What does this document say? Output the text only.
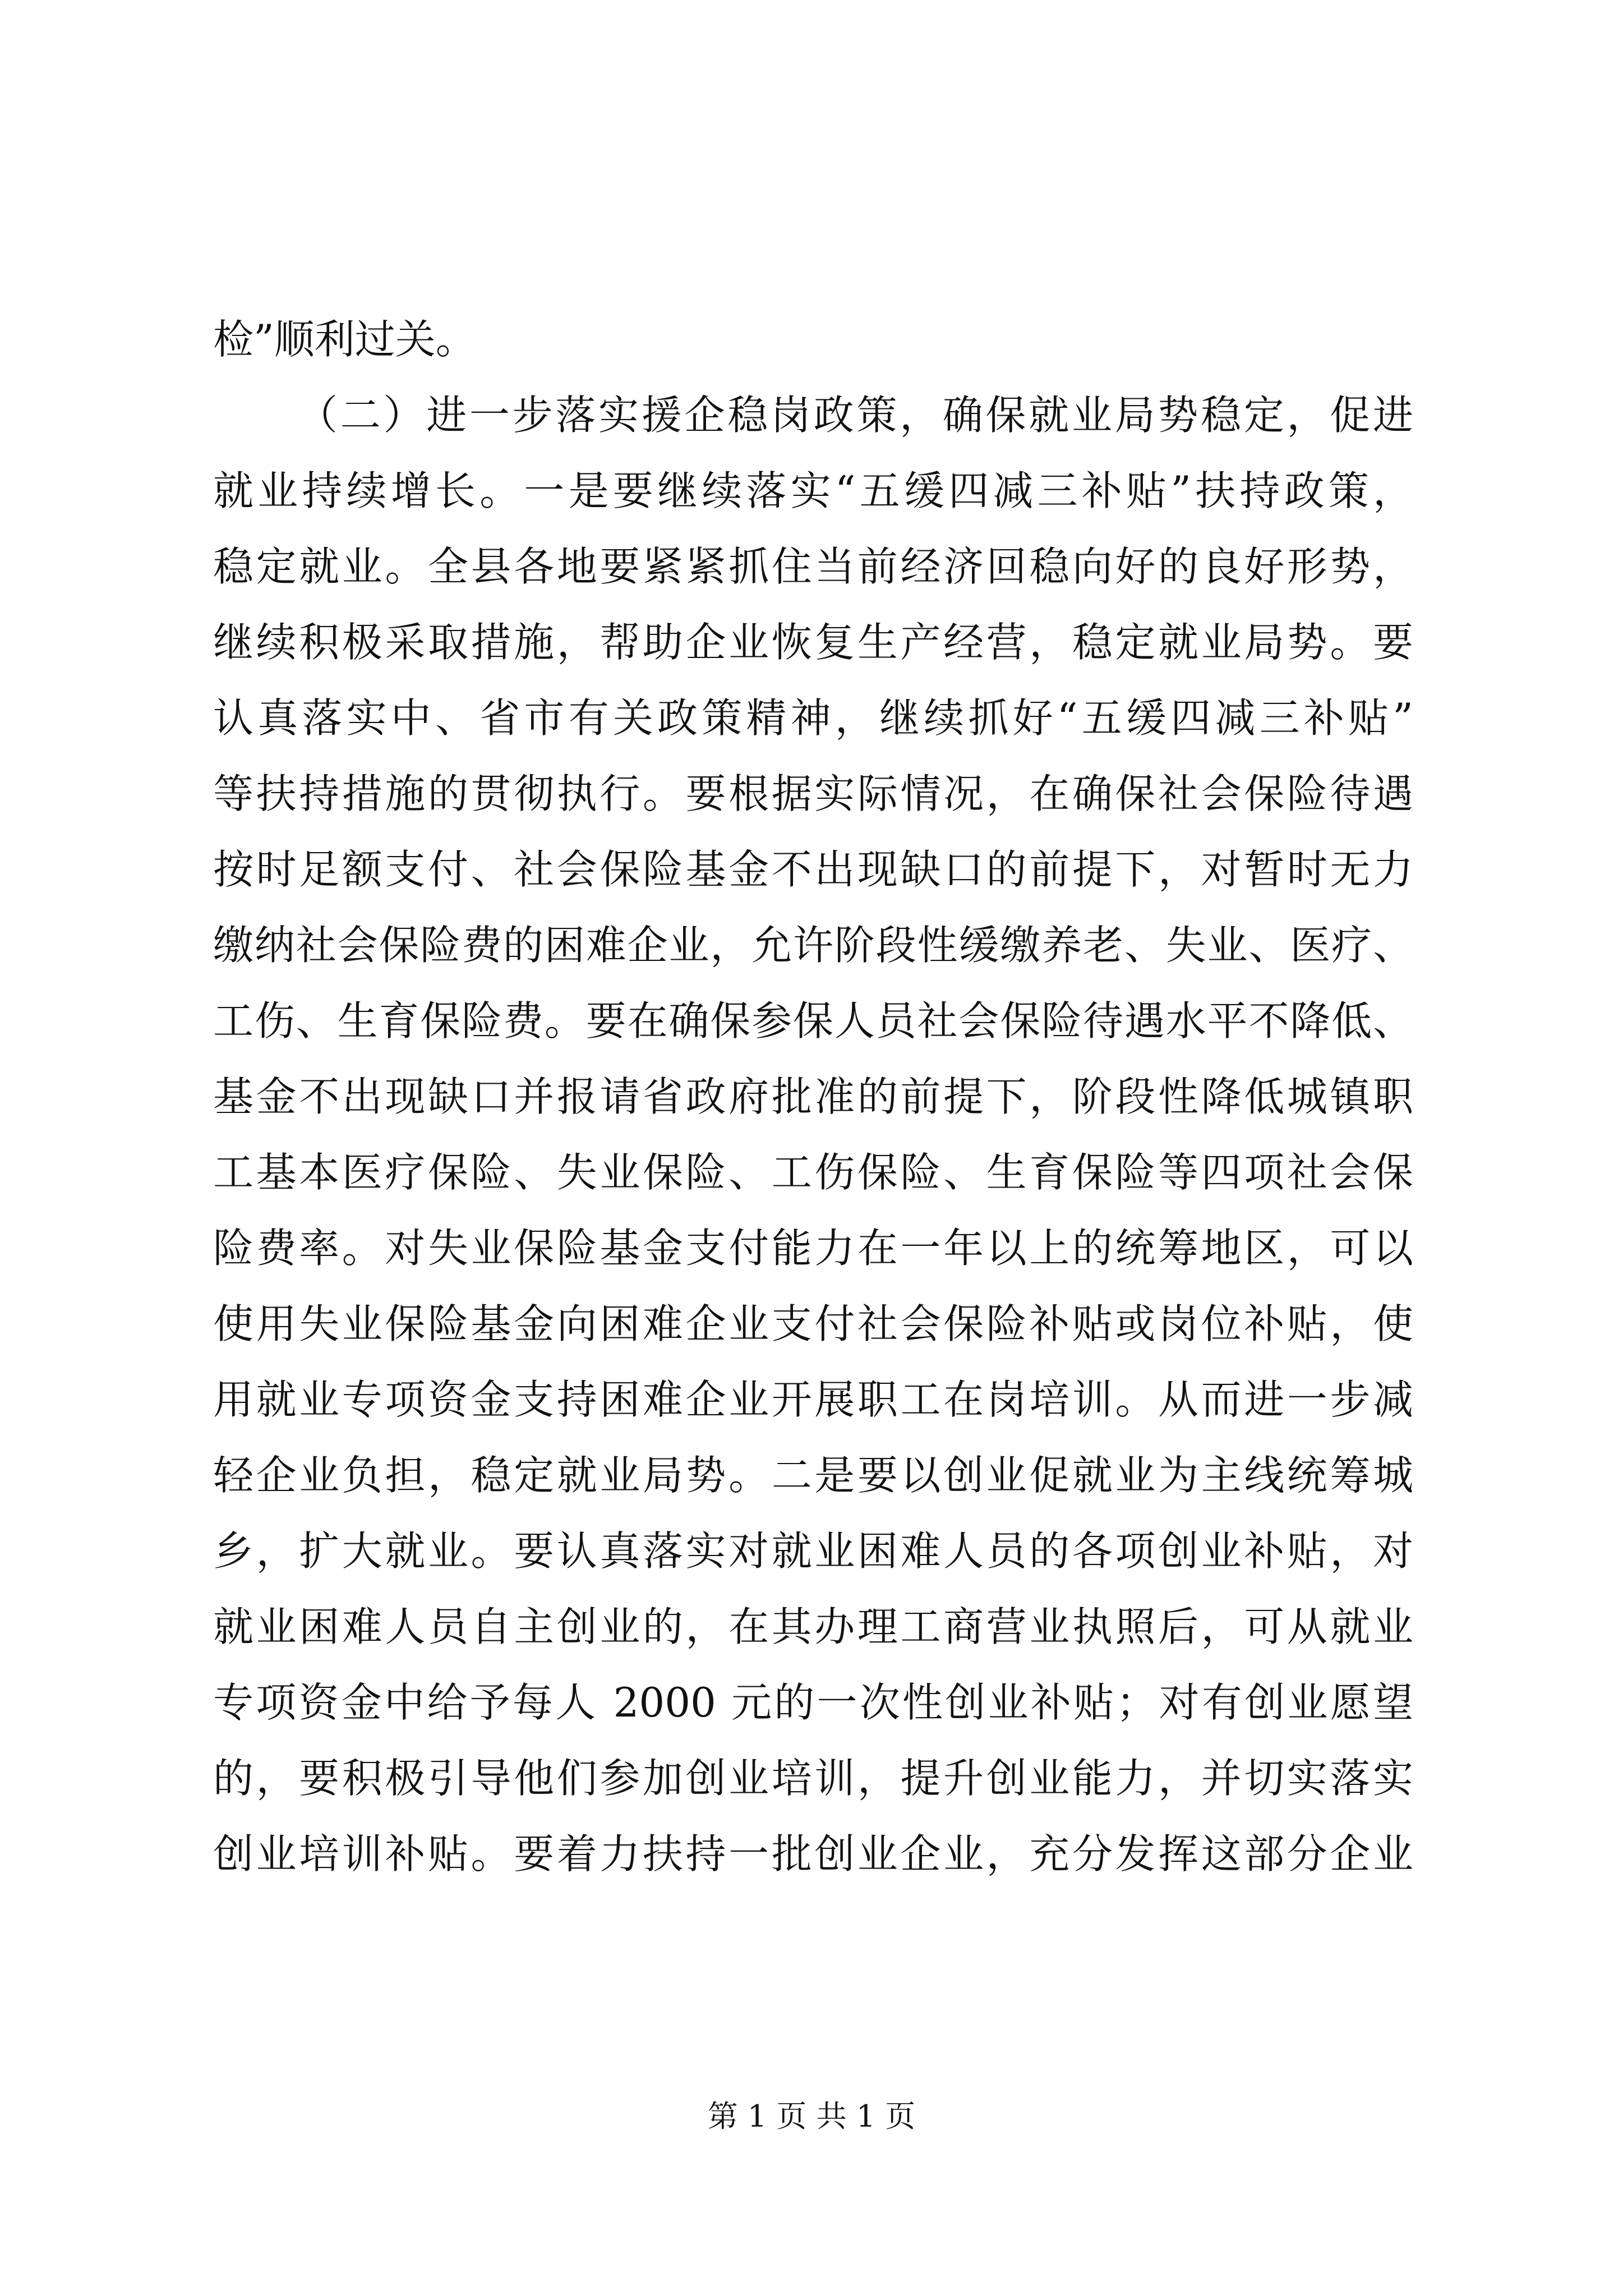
检”顺利过关。
（二）进一步落实援企稳岗政策，确保就业局势稳定，促进
就业持续增长。一是要继续落实“五缓四减三补贴”扶持政策，
稳定就业。全县各地要紧紧抓住当前经济回稳向好的良好形势，
继续积极采取措施，帮助企业恢复生产经营，稳定就业局势。要
认真落实中、省市有关政策精神，继续抓好“五缓四减三补贴”
等扶持措施的贯彻执行。要根据实际情况，在确保社会保险待遇
按时足额支付、社会保险基金不出现缺口的前提下，对暂时无力
缴纳社会保险费的困难企业，允许阶段性缓缴养老、失业、医疗、
工伤、生育保险费。要在确保参保人员社会保险待遇水平不降低、
基金不出现缺口并报请省政府批准的前提下，阶段性降低城镇职
工基本医疗保险、失业保险、工伤保险、生育保险等四项社会保
险费率。对失业保险基金支付能力在一年以上的统筹地区，可以
使用失业保险基金向困难企业支付社会保险补贴或岗位补贴，使
用就业专项资金支持困难企业开展职工在岗培训。从而进一步减
轻企业负担，稳定就业局势。二是要以创业促就业为主线统筹城
乡，扩大就业。要认真落实对就业困难人员的各项创业补贴，对
就业困难人员自主创业的，在其办理工商营业执照后，可从就业
专项资金中给予每人 2000 元的一次性创业补贴；对有创业愿望
的，要积极引导他们参加创业培训，提升创业能力，并切实落实
创业培训补贴。要着力扶持一批创业企业，充分发挥这部分企业
第 1 页 共 1 页
